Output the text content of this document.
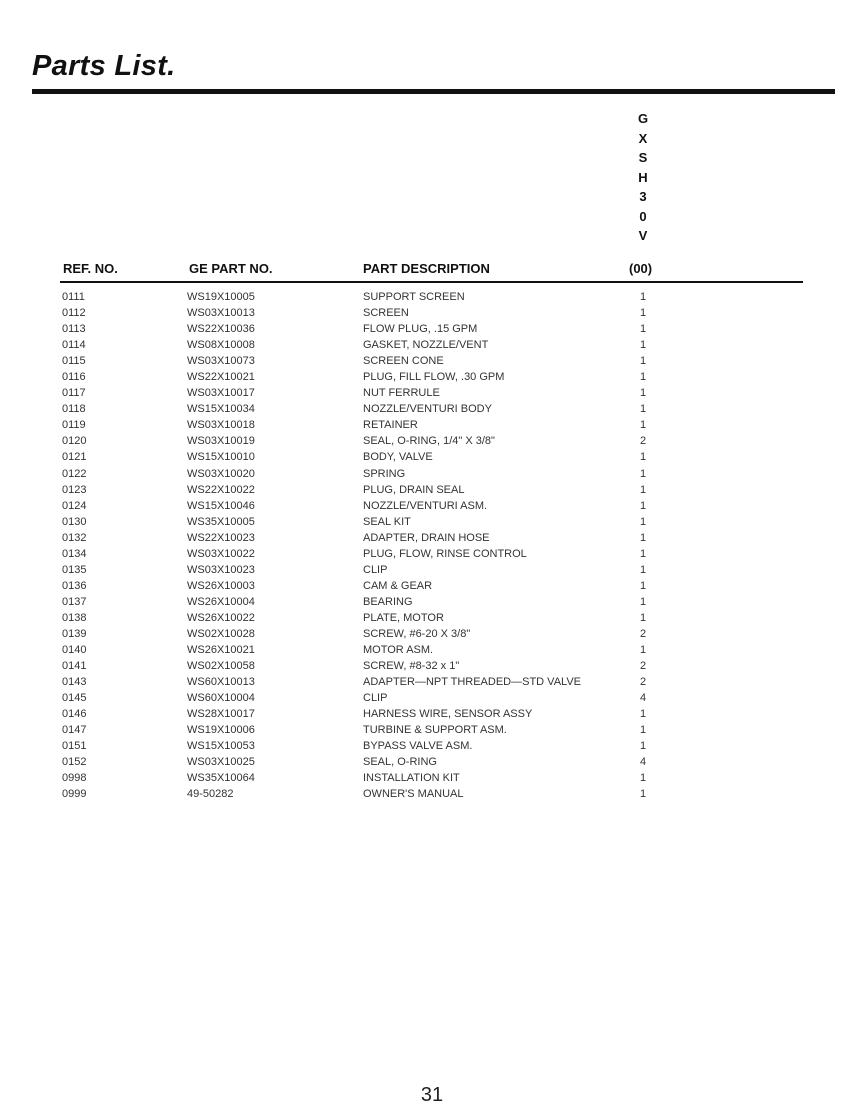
Parts List.
G
X
S
H
3
0
V
REF. NO.	GE PART NO.	PART DESCRIPTION	(00)
0111	WS19X10005	SUPPORT SCREEN	1
0112	WS03X10013	SCREEN	1
0113	WS22X10036	FLOW PLUG, .15 GPM	1
0114	WS08X10008	GASKET, NOZZLE/VENT	1
0115	WS03X10073	SCREEN CONE	1
0116	WS22X10021	PLUG, FILL FLOW, .30 GPM	1
0117	WS03X10017	NUT FERRULE	1
0118	WS15X10034	NOZZLE/VENTURI BODY	1
0119	WS03X10018	RETAINER	1
0120	WS03X10019	SEAL, O-RING, 1/4" X 3/8"	2
0121	WS15X10010	BODY, VALVE	1
0122	WS03X10020	SPRING	1
0123	WS22X10022	PLUG, DRAIN SEAL	1
0124	WS15X10046	NOZZLE/VENTURI ASM.	1
0130	WS35X10005	SEAL KIT	1
0132	WS22X10023	ADAPTER, DRAIN HOSE	1
0134	WS03X10022	PLUG, FLOW, RINSE CONTROL	1
0135	WS03X10023	CLIP	1
0136	WS26X10003	CAM & GEAR	1
0137	WS26X10004	BEARING	1
0138	WS26X10022	PLATE, MOTOR	1
0139	WS02X10028	SCREW, #6-20 X 3/8"	2
0140	WS26X10021	MOTOR ASM.	1
0141	WS02X10058	SCREW, #8-32 x 1"	2
0143	WS60X10013	ADAPTER—NPT THREADED—STD VALVE	2
0145	WS60X10004	CLIP	4
0146	WS28X10017	HARNESS WIRE, SENSOR ASSY	1
0147	WS19X10006	TURBINE & SUPPORT ASM.	1
0151	WS15X10053	BYPASS VALVE ASM.	1
0152	WS03X10025	SEAL, O-RING	4
0998	WS35X10064	INSTALLATION KIT	1
0999	49-50282	OWNER'S MANUAL	1
31
